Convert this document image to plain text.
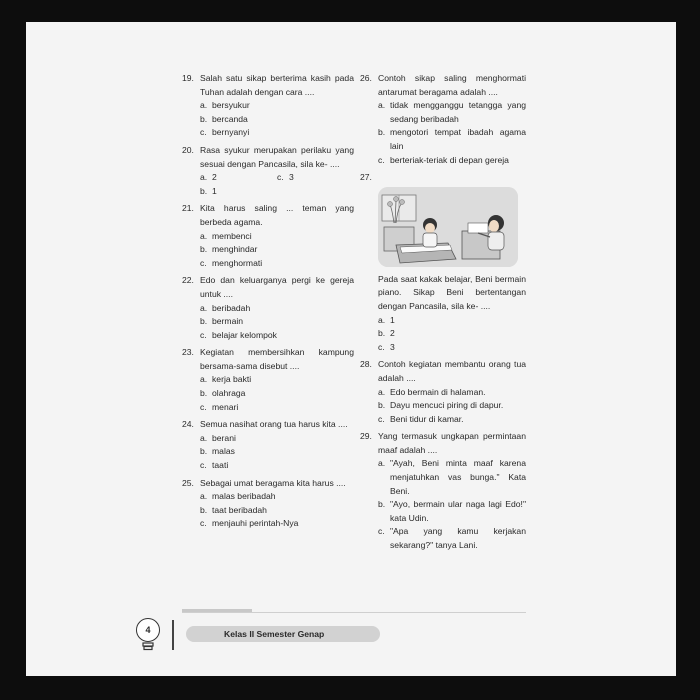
19. Salah satu sikap berterima kasih pada Tuhan adalah dengan cara ....
a. bersyukur
b. bercanda
c. bernyanyi
20. Rasa syukur merupakan perilaku yang sesuai dengan Pancasila, sila ke- ....
a. 2	c. 3
b. 1
21. Kita harus saling ... teman yang berbeda agama.
a. membenci
b. menghindar
c. menghormati
22. Edo dan keluarganya pergi ke gereja untuk ....
a. beribadah
b. bermain
c. belajar kelompok
23. Kegiatan membersihkan kampung bersama-sama disebut ....
a. kerja bakti
b. olahraga
c. menari
24. Semua nasihat orang tua harus kita ....
a. berani
b. malas
c. taati
25. Sebagai umat beragama kita harus ....
a. malas beribadah
b. taat beribadah
c. menjauhi perintah-Nya
26. Contoh sikap saling menghormati antarumat beragama adalah ....
a. tidak mengganggu tetangga yang sedang beribadah
b. mengotori tempat ibadah agama lain
c. berteriak-teriak di depan gereja
27.
Pada saat kakak belajar, Beni bermain piano. Sikap Beni bertentangan dengan Pancasila, sila ke- ....
a. 1
b. 2
c. 3
28. Contoh kegiatan membantu orang tua adalah ....
a. Edo bermain di halaman.
b. Dayu mencuci piring di dapur.
c. Beni tidur di kamar.
29. Yang termasuk ungkapan permintaan maaf adalah ....
a. "Ayah, Beni minta maaf karena menjatuhkan vas bunga." Kata Beni.
b. "Ayo, bermain ular naga lagi Edo!" kata Udin.
c. "Apa yang kamu kerjakan sekarang?" tanya Lani.
4	Kelas II Semester Genap
